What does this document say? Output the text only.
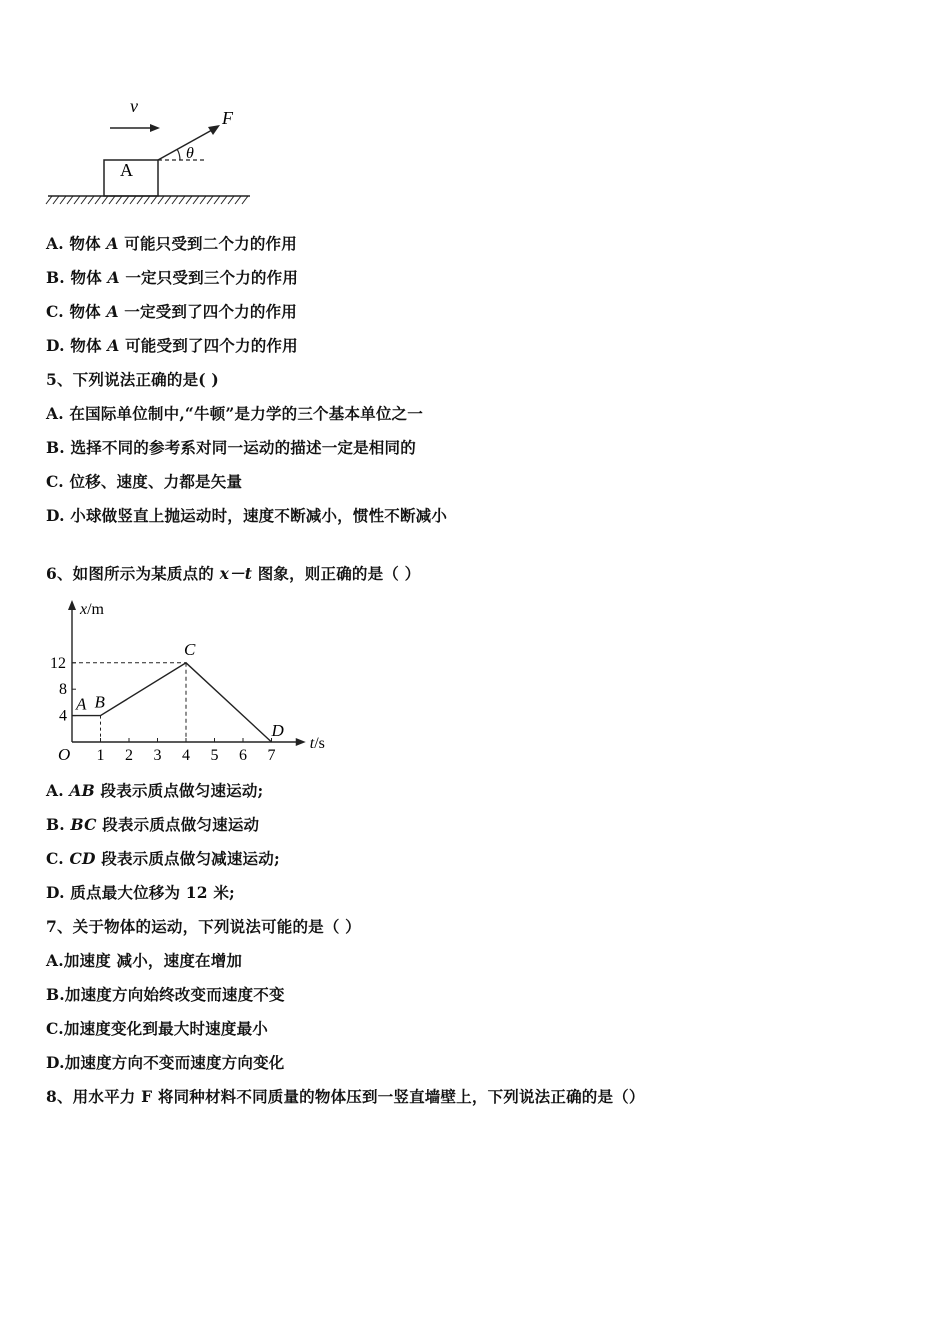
v
A
F
θ
A. 物体 A 可能只受到二个力的作用
B. 物体 A 一定只受到三个力的作用
C. 物体 A 一定受到了四个力的作用
D. 物体 A 可能受到了四个力的作用
5、下列说法正确的是( )
A. 在国际单位制中,“牛顿”是力学的三个基本单位之一
B. 选择不同的参考系对同一运动的描述一定是相同的
C. 位移、速度、力都是矢量
D. 小球做竖直上抛运动时，速度不断减小，惯性不断减小
6、如图所示为某质点的 x－t 图象，则正确的是（ ）
x/m
t/s
O 1 2 3 4 5 6 7
4
8
12
A B
C
D
A. AB 段表示质点做匀速运动;
B. BC 段表示质点做匀速运动
C. CD 段表示质点做匀减速运动;
D. 质点最大位移为 12 米;
7、关于物体的运动，下列说法可能的是（ ）
A.加速度 减小，速度在增加
B.加速度方向始终改变而速度不变
C.加速度变化到最大时速度最小
D.加速度方向不变而速度方向变化
8、用水平力 F 将同种材料不同质量的物体压到一竖直墙壁上，下列说法正确的是（）
